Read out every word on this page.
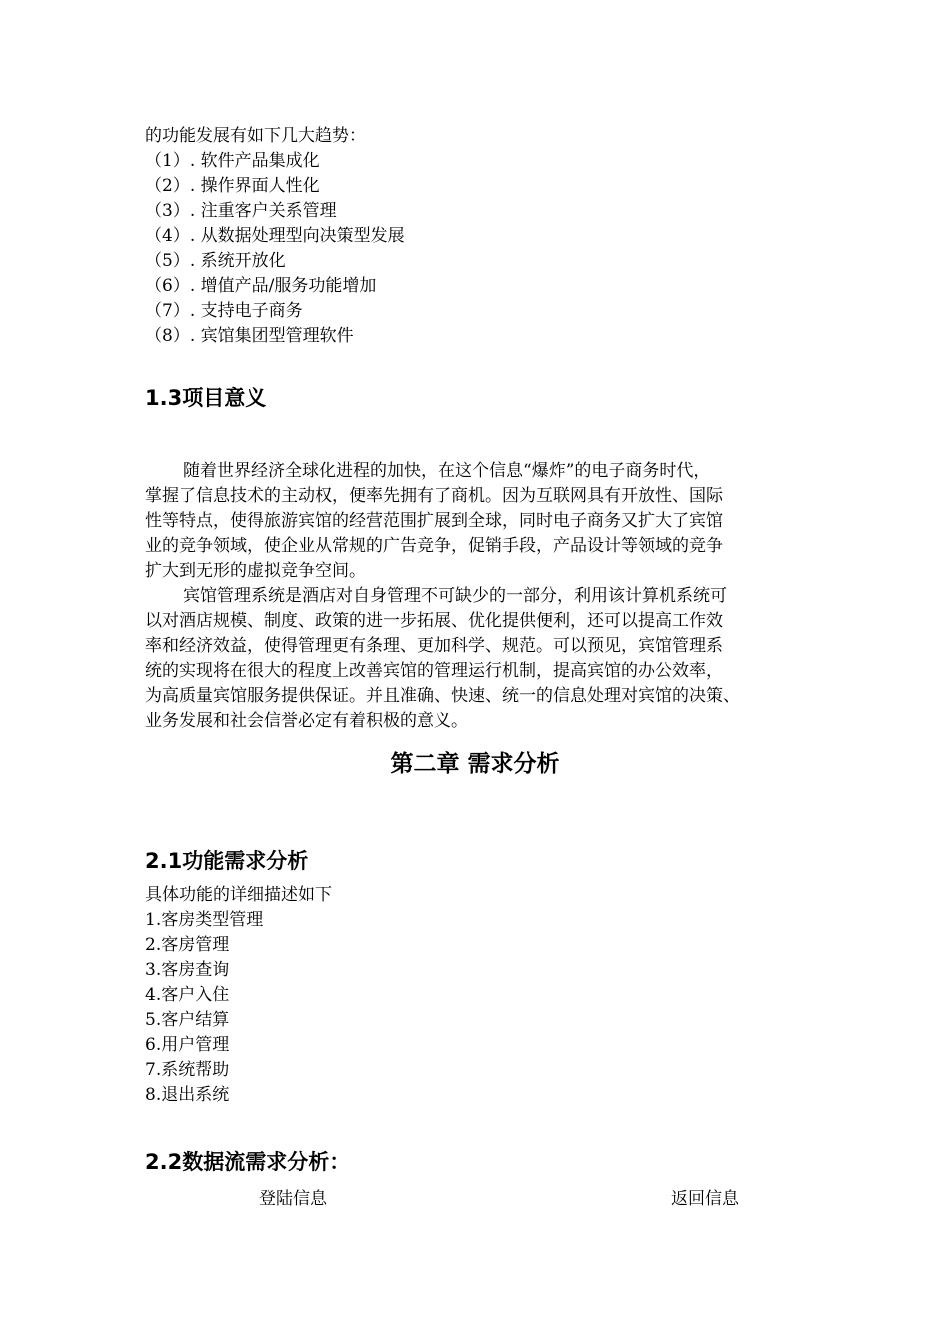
的功能发展有如下几大趋势：
（1）. 软件产品集成化
（2）. 操作界面人性化
（3）. 注重客户关系管理
（4）. 从数据处理型向决策型发展
（5）. 系统开放化
（6）. 增值产品/服务功能增加
（7）. 支持电子商务
（8）. 宾馆集团型管理软件
1.3项目意义
随着世界经济全球化进程的加快，在这个信息“爆炸”的电子商务时代，
掌握了信息技术的主动权，便率先拥有了商机。因为互联网具有开放性、国际
性等特点，使得旅游宾馆的经营范围扩展到全球，同时电子商务又扩大了宾馆
业的竞争领域，使企业从常规的广告竞争，促销手段，产品设计等领域的竞争
扩大到无形的虚拟竞争空间。
宾馆管理系统是酒店对自身管理不可缺少的一部分，利用该计算机系统可
以对酒店规模、制度、政策的进一步拓展、优化提供便利，还可以提高工作效
率和经济效益，使得管理更有条理、更加科学、规范。可以预见，宾馆管理系
统的实现将在很大的程度上改善宾馆的管理运行机制，提高宾馆的办公效率，
为高质量宾馆服务提供保证。并且准确、快速、统一的信息处理对宾馆的决策、
业务发展和社会信誉必定有着积极的意义。
第二章 需求分析
2.1功能需求分析
具体功能的详细描述如下
1.客房类型管理
2.客房管理
3.客房查询
4.客户入住
5.客户结算
6.用户管理
7.系统帮助
8.退出系统
2.2数据流需求分析：
登陆信息	返回信息
